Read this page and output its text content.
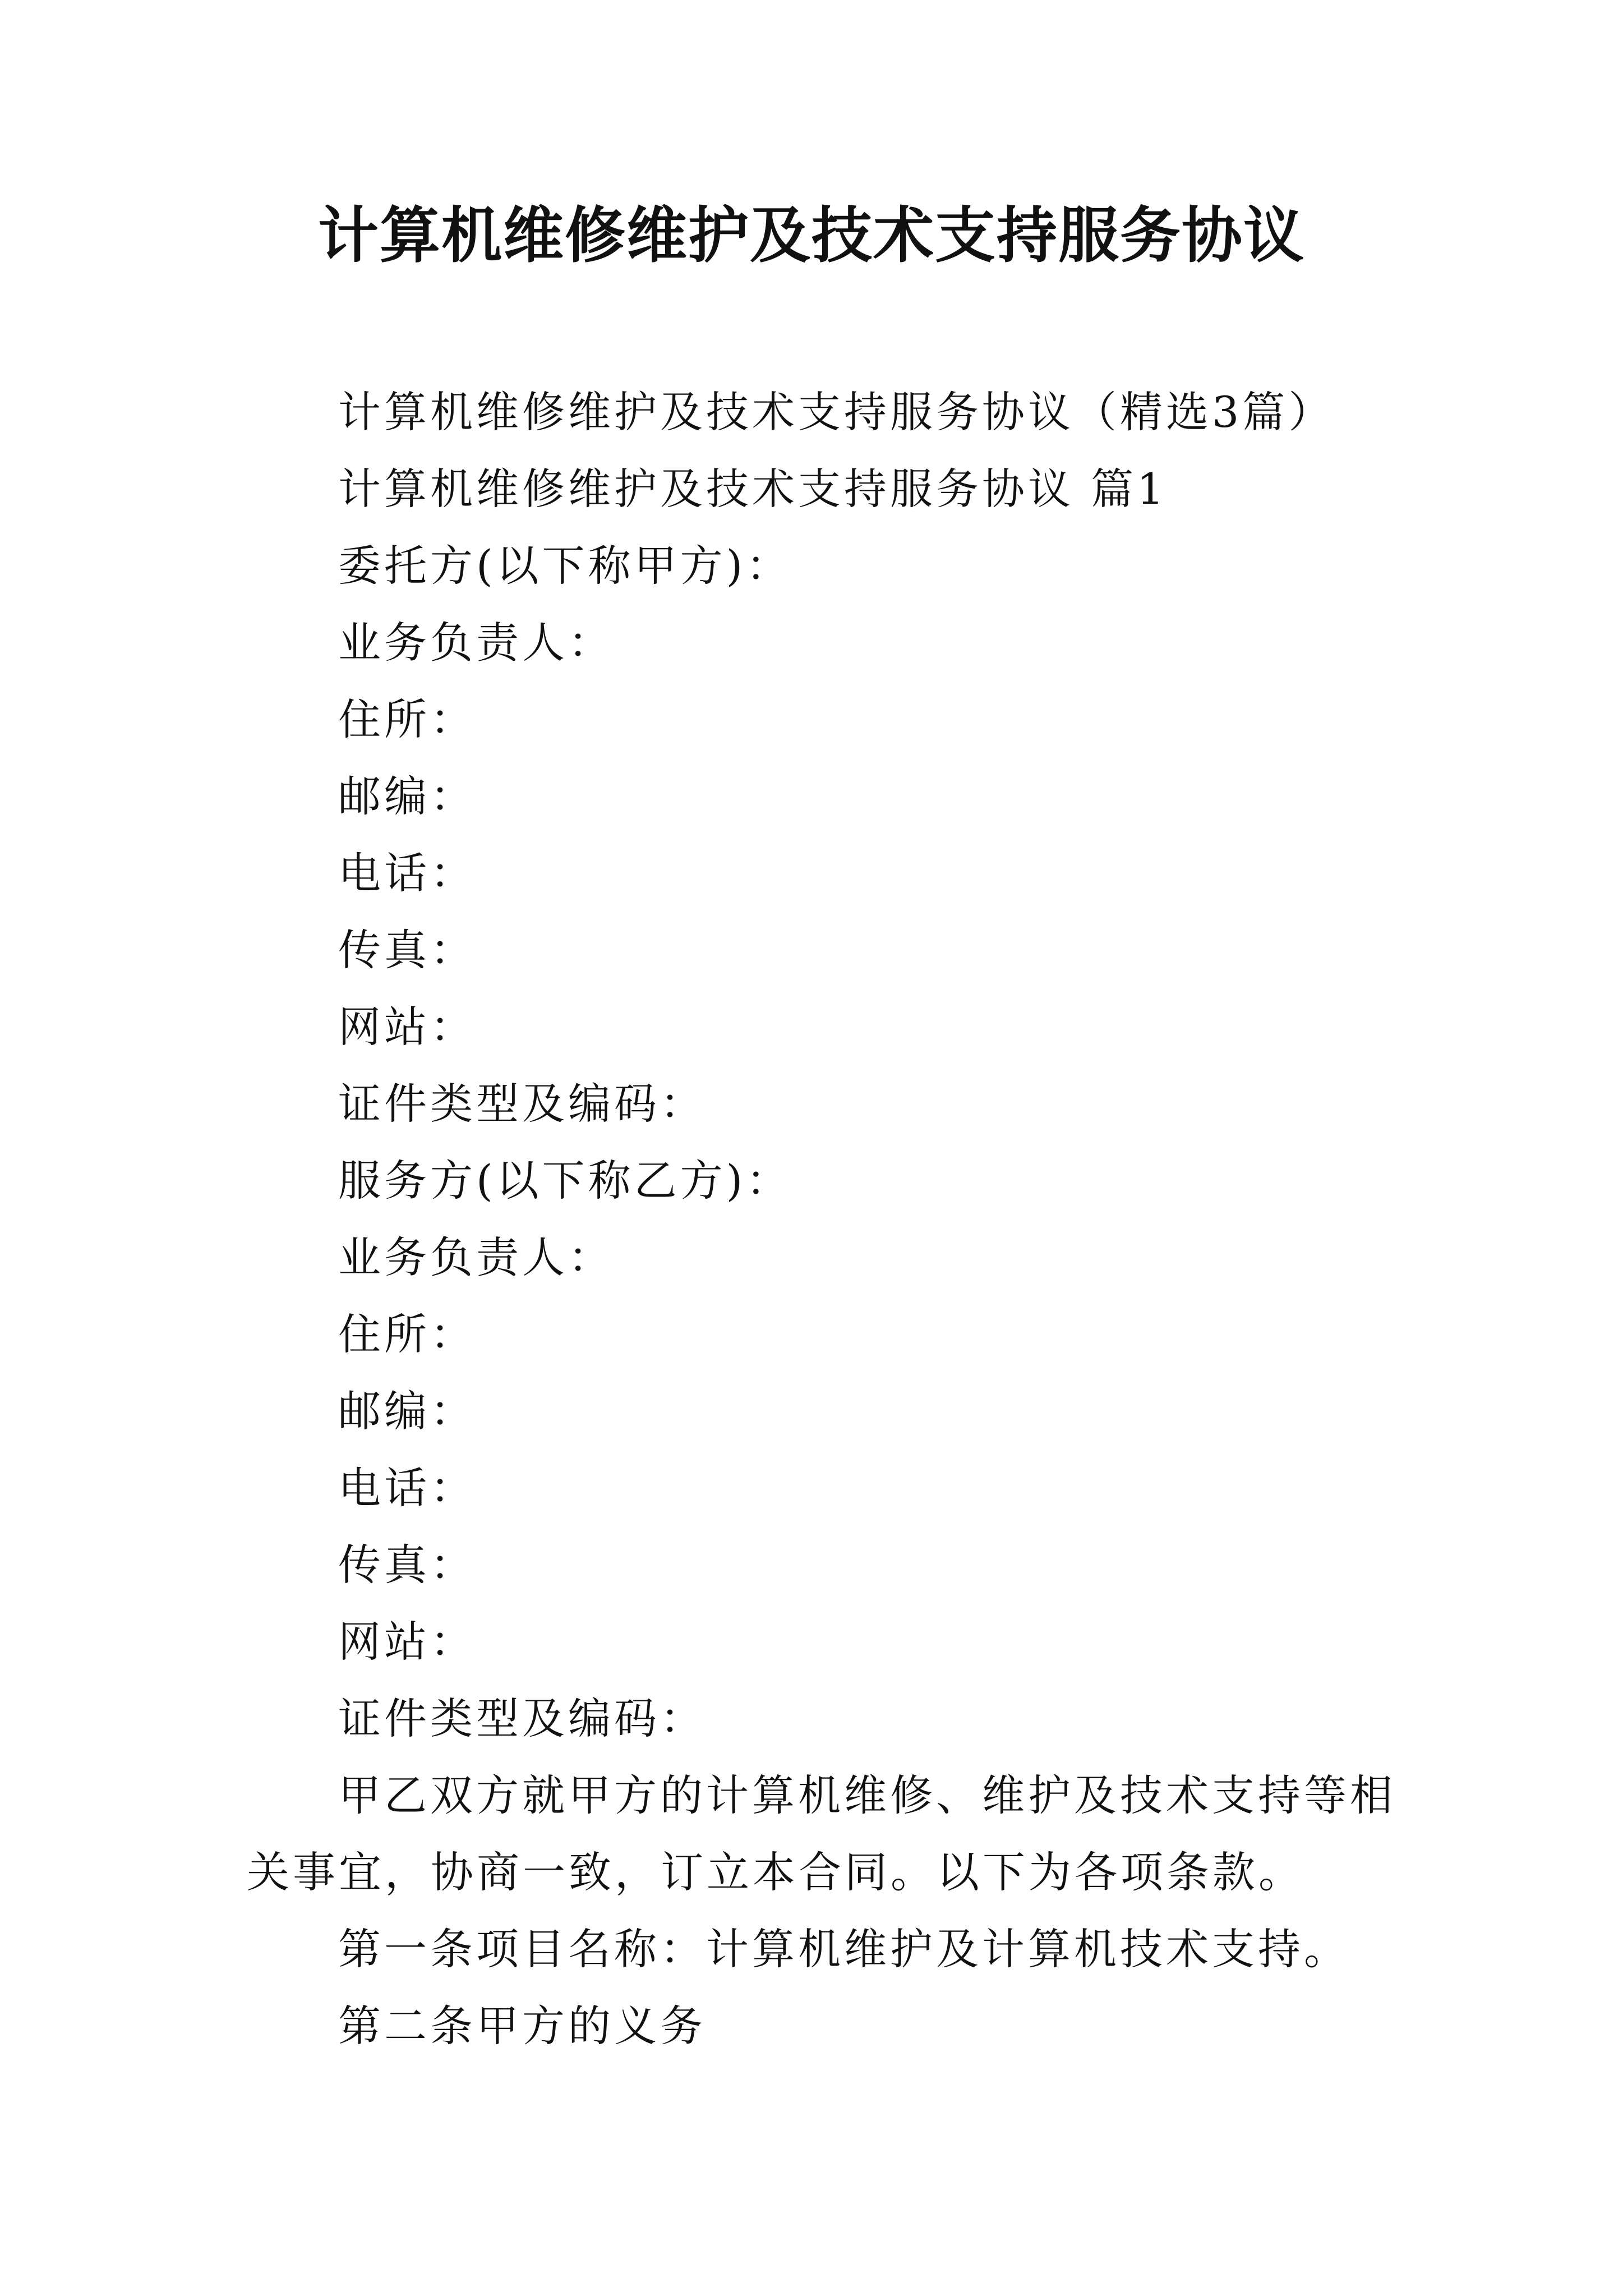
计算机维修维护及技术支持服务协议
计算机维修维护及技术支持服务协议（精选3篇）
计算机维修维护及技术支持服务协议 篇1
委托方(以下称甲方)：
业务负责人：
住所：
邮编：
电话：
传真：
网站：
证件类型及编码：
服务方(以下称乙方)：
业务负责人：
住所：
邮编：
电话：
传真：
网站：
证件类型及编码：
甲乙双方就甲方的计算机维修、维护及技术支持等相关事宜，协商一致，订立本合同。以下为各项条款。
第一条项目名称：计算机维护及计算机技术支持。
第二条甲方的义务
